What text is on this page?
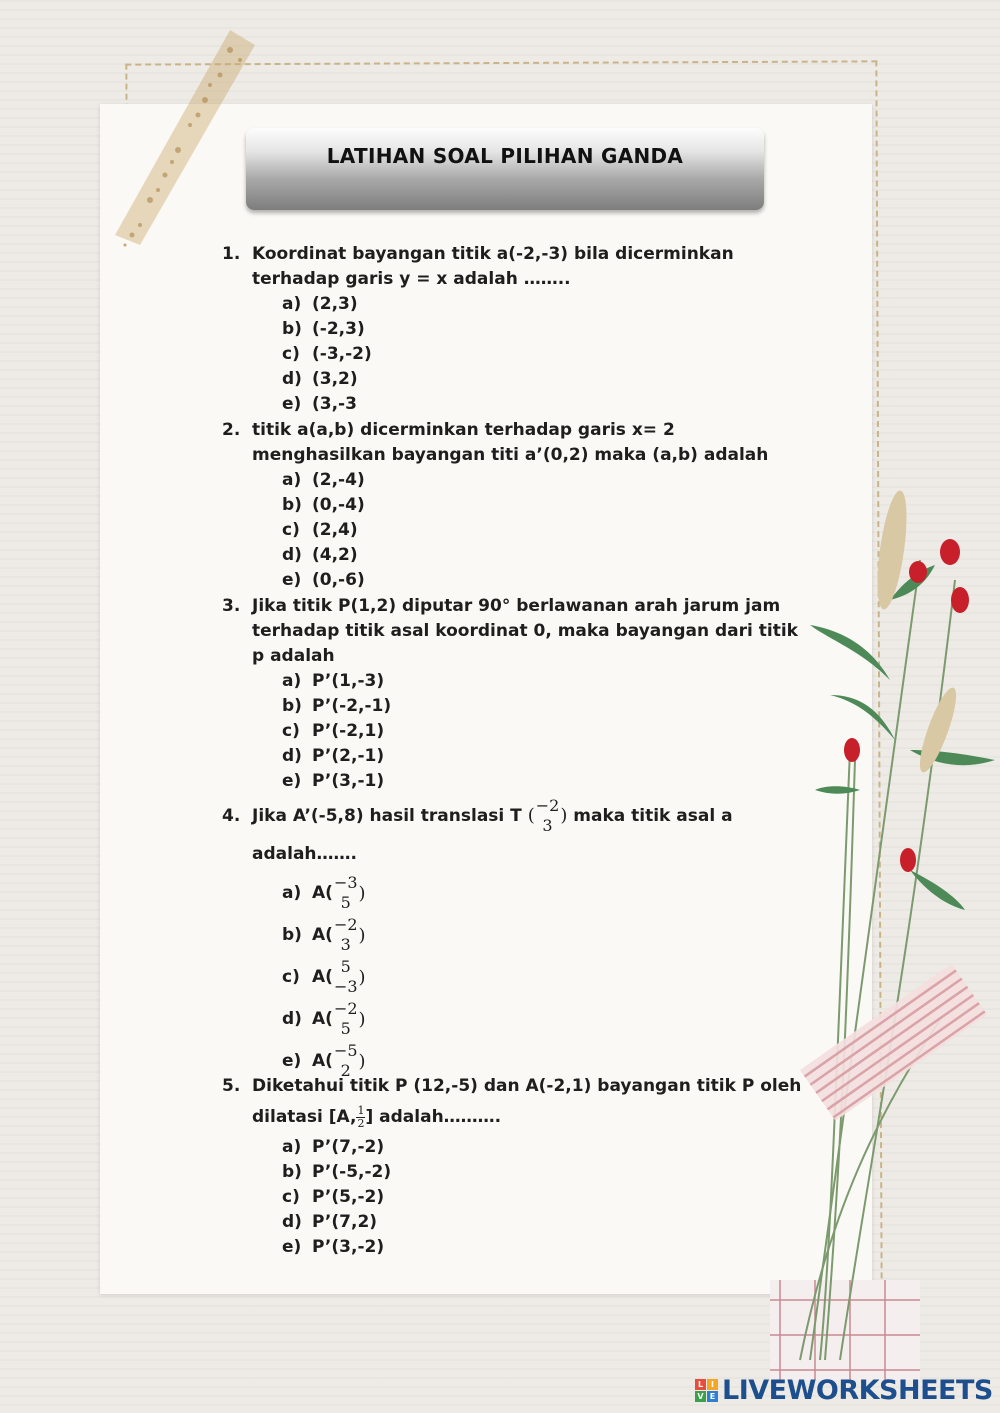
LATIHAN SOAL PILIHAN GANDA
1. Koordinat bayangan titik a(-2,-3) bila dicerminkan
terhadap garis y = x adalah ……..
a) (2,3)
b) (-2,3)
c) (-3,-2)
d) (3,2)
e) (3,-3
2. titik a(a,b) dicerminkan terhadap garis x= 2
menghasilkan bayangan titi a’(0,2) maka (a,b) adalah
a) (2,-4)
b) (0,-4)
c) (2,4)
d) (4,2)
e) (0,-6)
3. Jika titik P(1,2) diputar 90° berlawanan arah jarum jam
terhadap titik asal koordinat 0, maka bayangan dari titik
p adalah
a) P’(1,-3)
b) P’(-2,-1)
c) P’(-2,1)
d) P’(2,-1)
e) P’(3,-1)
4. Jika A’(-5,8) hasil translasi T ( −2
3 ) maka titik asal a
adalah…….
a) A(
−3
5 )
b) A(
−2
3 )
c) A(
5
−3 )
d) A(
−2
5 )
e) A(
−5
2 )
5. Diketahui titik P (12,-5) dan A(-2,1) bayangan titik P oleh
dilatasi [A, $\frac{1}{2}$ ] adalah……….
a) P’(7,-2)
b) P’(-5,-2)
c) P’(5,-2)
d) P’(7,2)
e) P’(3,-2)
L I
V E LIVEWORKSHEETS
